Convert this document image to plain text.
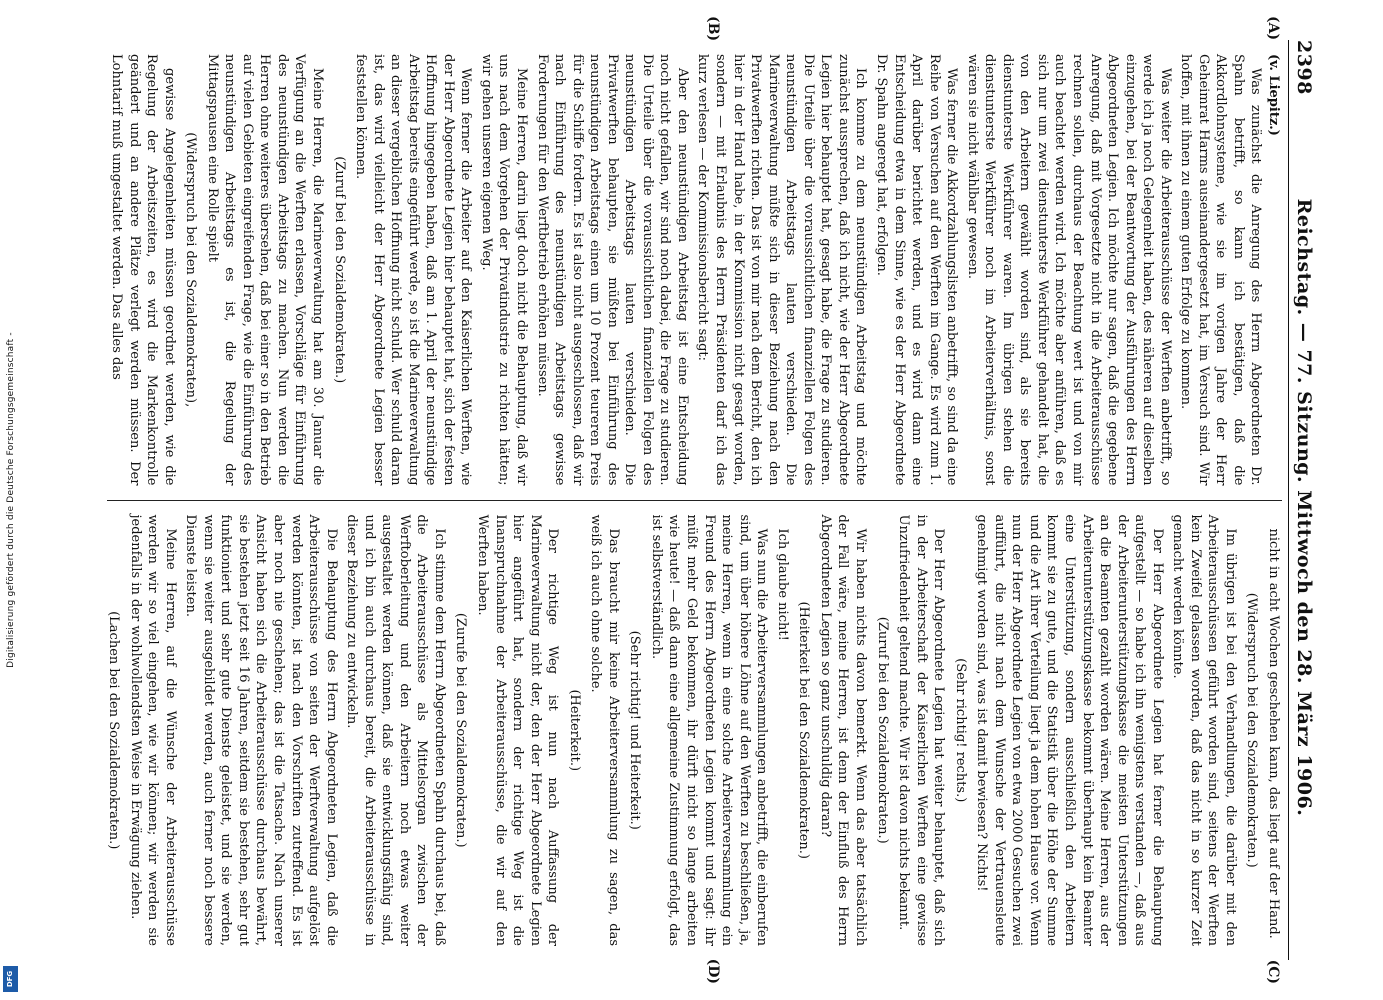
Digitalisierung gefördert durch die Deutsche Forschungsgemeinschaft -
DFG
2398
Reichstag. — 77. Sitzung. Mittwoch den 28. März 1906.
(A)
(B)
(v. Liepitz.)

Was zunächst die Anregung des Herrn Abgeordneten Dr. Spahn betrifft, so kann ich bestätigen, daß die Akkordlohnsysteme, wie sie im vorigen Jahre der Herr Geheimrat Harms auseinandergesetzt hat, im Versuch sind. Wir hoffen, mit ihnen zu einem guten Erfolge zu kommen.

Was weiter die Arbeiterausschüsse der Werften anbetrifft, so werde ich ja noch Gelegenheit haben, des näheren auf dieselben einzugehen, bei der Beantwortung der Ausführungen des Herrn Abgeordneten Legien. Ich möchte nur sagen, daß die gegebene Anregung, daß mit Vorgesetzte nicht in die Arbeiterausschüsse rechnen sollen, durchaus der Beachtung wert ist und von mir auch beachtet werden wird. Ich möchte aber anführen, daß es sich nur um zwei dienstunterste Werkführer gehandelt hat, die von den Arbeitern gewählt worden sind, als sie bereits dienstunterste Werkführer waren. Im übrigen stehen die dienstunterste Werkführer noch im Arbeiterverhältnis, sonst wären sie nicht wählbar gewesen.

Was ferner die Akkordzahlungslisten anbetrifft, so sind da eine Reihe von Versuchen auf den Werften im Gange. Es wird zum 1. April darüber berichtet werden, und es wird dann eine Entscheidung etwa in dem Sinne, wie es der Herr Abgeordnete Dr. Spahn angeregt hat, erfolgen.

Ich komme zu dem neunstündigen Arbeitstag und möchte zunächst aussprechen, daß ich nicht, wie der Herr Abgeordnete Legien hier behauptet hat, gesagt habe, die Frage zu studieren. Die Urteile über die voraussichtlichen finanziellen Folgen des neunstündigen Arbeitstags lauten verschieden. Die Marineverwaltung müßte sich in dieser Beziehung nach den Privatwerften richten. Das ist von mir nach dem Bericht, den ich hier in der Hand habe, in der Kommission nicht gesagt worden, sondern — mit Erlaubnis des Herrn Präsidenten darf ich das kurz verlesen — der Kommissionsbericht sagt:

Aber den neunstündigen Arbeitstag ist eine Entscheidung noch nicht gefallen, wir sind noch dabei, die Frage zu studieren. Die Urteile über die voraussichtlichen finanziellen Folgen des neunstündigen Arbeitstags lauten verschieden. Die Privatwerften behaupten, sie müßten bei Einführung des neunstündigen Arbeitstags einen um 10 Prozent teureren Preis für die Schiffe fordern. Es ist also nicht ausgeschlossen, daß wir nach Einführung des neunstündigen Arbeitstags gewisse Forderungen für den Werftbetrieb erhöhen müssen.

Meine Herren, darin liegt doch nicht die Behauptung, daß wir uns nach dem Vorgehen der Privatindustrie zu richten hätten; wir gehen unseren eigenen Weg.

Wenn ferner die Arbeiter auf den Kaiserlichen Werften, wie der Herr Abgeordnete Legien hier behauptet hat, sich der festen Hoffnung hingegeben haben, daß am 1. April der neunstündige Arbeitstag bereits eingeführt werde, so ist die Marineverwaltung an dieser vergeblichen Hoffnung nicht schuld. Wer schuld daran ist, das wird vielleicht der Herr Abgeordnete Legien besser feststellen können.

(Zuruf bei den Sozialdemokraten.)

Meine Herren, die Marineverwaltung hat am 30. Januar die Verfügung an die Werften erlassen, Vorschläge für Einführung des neunstündigen Arbeitstags zu machen. Nun werden die Herren ohne weiteres übersehen, daß bei einer so in den Betrieb auf vielen Gebieten eingreifenden Frage, wie die Einführung des neunstündigen Arbeitstags es ist, die Regelung der Mittagspausen eine Rolle spielt

(Widerspruch bei den Sozialdemokraten),

gewisse Angelegenheiten müssen geordnet werden, wie die Regelung der Arbeitszeiten, es wird die Markenkontrolle geändert und an andere Plätze verlegt werden müssen. Der Lohntarif muß umgestaltet werden. Das alles das

(C)
(D)

nicht in acht Wochen geschehen kann, das liegt auf der Hand.

(Widerspruch bei den Sozialdemokraten.)

Im übrigen ist bei den Verhandlungen, die darüber mit den Arbeiterausschüssen geführt worden sind, seitens der Werften kein Zweifel gelassen worden, daß das nicht in so kurzer Zeit gemacht werden könnte.

Der Herr Abgeordnete Legien hat ferner die Behauptung aufgestellt — so habe ich ihn wenigstens verstanden —, daß aus der Arbeiterunterstützungskasse die meisten Unterstützungen an die Beamten gezahlt worden wären. Meine Herren, aus der Arbeiterunterstützungskasse bekommt überhaupt kein Beamter eine Unterstützung, sondern ausschließlich den Arbeitern kommt sie zu gute, und die Statistik über die Höhe der Summe und die Art ihrer Verteilung liegt ja dem hohen Hause vor. Wenn nun der Herr Abgeordnete Legien von etwa 2000 Gesuchen zwei aufführt, die nicht nach dem Wunsche der Vertrauensleute genehmigt worden sind, was ist damit bewiesen? Nichts!

(Sehr richtig! rechts.)

Der Herr Abgeordnete Legien hat weiter behauptet, daß sich in der Arbeiterschaft der Kaiserlichen Werften eine gewisse Unzufriedenheit geltend machte. Wir ist davon nichts bekannt.

(Zuruf bei den Sozialdemokraten.)

Wir haben nichts davon bemerkt. Wenn das aber tatsächlich der Fall wäre, meine Herren, ist denn der Einfluß des Herrn Abgeordneten Legien so ganz unschuldig daran?

(Heiterkeit bei den Sozialdemokraten.)

Ich glaube nicht!

Was nun die Arbeiterversammlungen anbetrifft, die einberufen sind, um über höhere Löhne auf den Werften zu beschließen, ja, meine Herren, wenn in eine solche Arbeiterversammlung ein Freund des Herrn Abgeordneten Legien kommt und sagt: ihr müßt mehr Geld bekommen, ihr dürft nicht so lange arbeiten wie heute! — daß dann eine allgemeine Zustimmung erfolgt, das ist selbstverständlich.

(Sehr richtig! und Heiterkeit.)

Das braucht mir keine Arbeiterversammlung zu sagen, das weiß ich auch ohne solche.

(Heiterkeit.)

Der richtige Weg ist nun nach Auffassung der Marineverwaltung nicht der, den der Herr Abgeordnete Legien hier angeführt hat, sondern der richtige Weg ist die Inanspruchnahme der Arbeiterausschüsse, die wir auf den Werften haben.

(Zurufe bei den Sozialdemokraten.)

Ich stimme dem Herrn Abgeordneten Spahn durchaus bei, daß die Arbeiterausschüsse als Mittelsorgan zwischen der Werftoberleitung und den Arbeitern noch etwas weiter ausgestaltet werden können, daß sie entwicklungsfähig sind, und ich bin auch durchaus bereit, die Arbeiterausschüsse in dieser Beziehung zu entwickeln.

Die Behauptung des Herrn Abgeordneten Legien, daß die Arbeiterausschüsse von seiten der Werftverwaltung aufgelöst werden könnten, ist nach den Vorschriften zutreffend. Es ist aber noch nie geschehen; das ist die Tatsache. Nach unserer Ansicht haben sich die Arbeiterausschüsse durchaus bewährt, sie bestehen jetzt seit 16 Jahren, seitdem sie bestehen, sehr gut funktioniert und sehr gute Dienste geleistet, und sie werden, wenn sie weiter ausgebildet werden, auch ferner noch bessere Dienste leisten.

Meine Herren, auf die Wünsche der Arbeiterausschüsse werden wir so viel eingehen, wie wir können; wir werden sie jedenfalls in der wohlwollendsten Weise in Erwägung ziehen.

(Lachen bei den Sozialdemokraten.)
